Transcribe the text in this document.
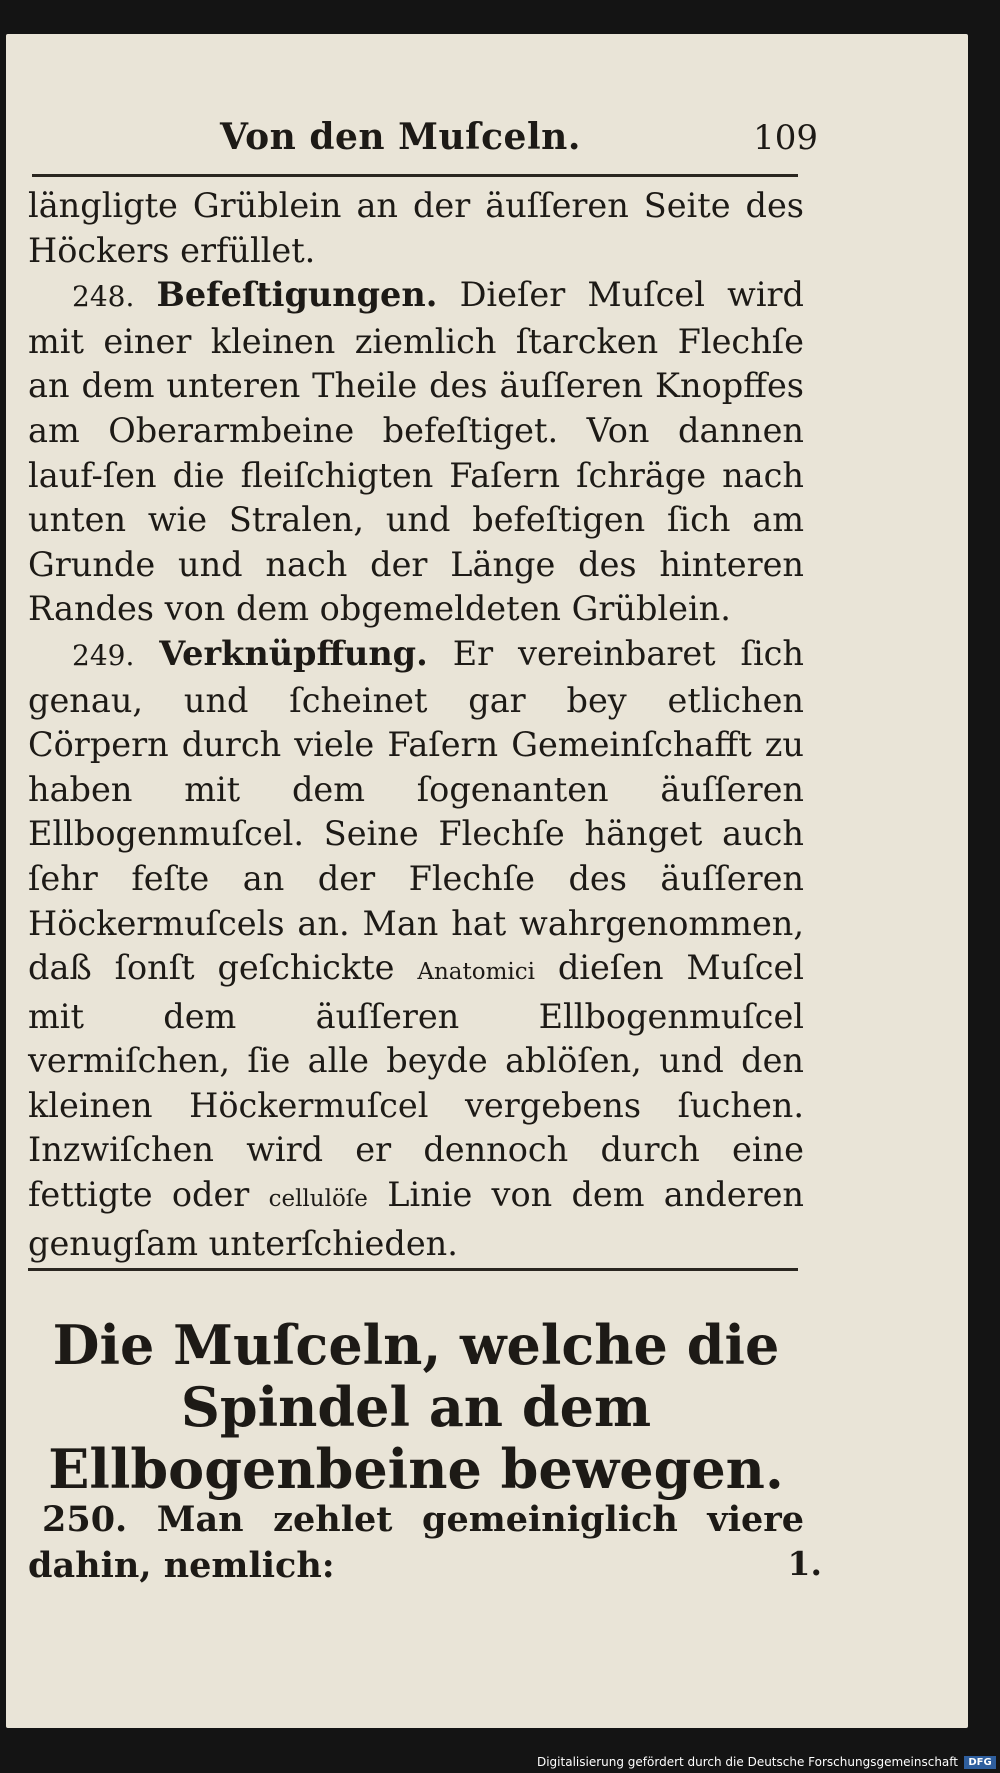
Von den Muſceln.	109

längligte Grüblein an der äuſſeren Seite des Höckers erfüllet.

248. Befeſtigungen. Dieſer Muſcel wird mit einer kleinen ziemlich ſtarcken Flechſe an dem unteren Theile des äuſſeren Knopffes am Oberarmbeine befeſtiget. Von dannen lauf-ſen die fleiſchigten Faſern ſchräge nach unten wie Stralen, und befeſtigen ſich am Grunde und nach der Länge des hinteren Randes von dem obgemeldeten Grüblein.

249. Verknüpffung. Er vereinbaret ſich genau, und ſcheinet gar bey etlichen Cörpern durch viele Faſern Gemeinſchafft zu haben mit dem ſogenanten äuſſeren Ellbogenmuſcel. Seine Flechſe hänget auch ſehr feſte an der Flechſe des äuſſeren Höckermuſcels an. Man hat wahrgenommen, daß ſonſt geſchickte Anatomici dieſen Muſcel mit dem äuſſeren Ellbogenmuſcel vermiſchen, ſie alle beyde ablöſen, und den kleinen Höckermuſcel vergebens ſuchen. Inzwiſchen wird er dennoch durch eine fettigte oder cellulöſe Linie von dem anderen genugſam unterſchieden.

Die Muſceln, welche die Spindel an dem Ellbogenbeine bewegen.

250. Man zehlet gemeiniglich viere dahin, nemlich:	1.
Digitalisierung gefördert durch die Deutsche Forschungsgemeinschaft	DFG
